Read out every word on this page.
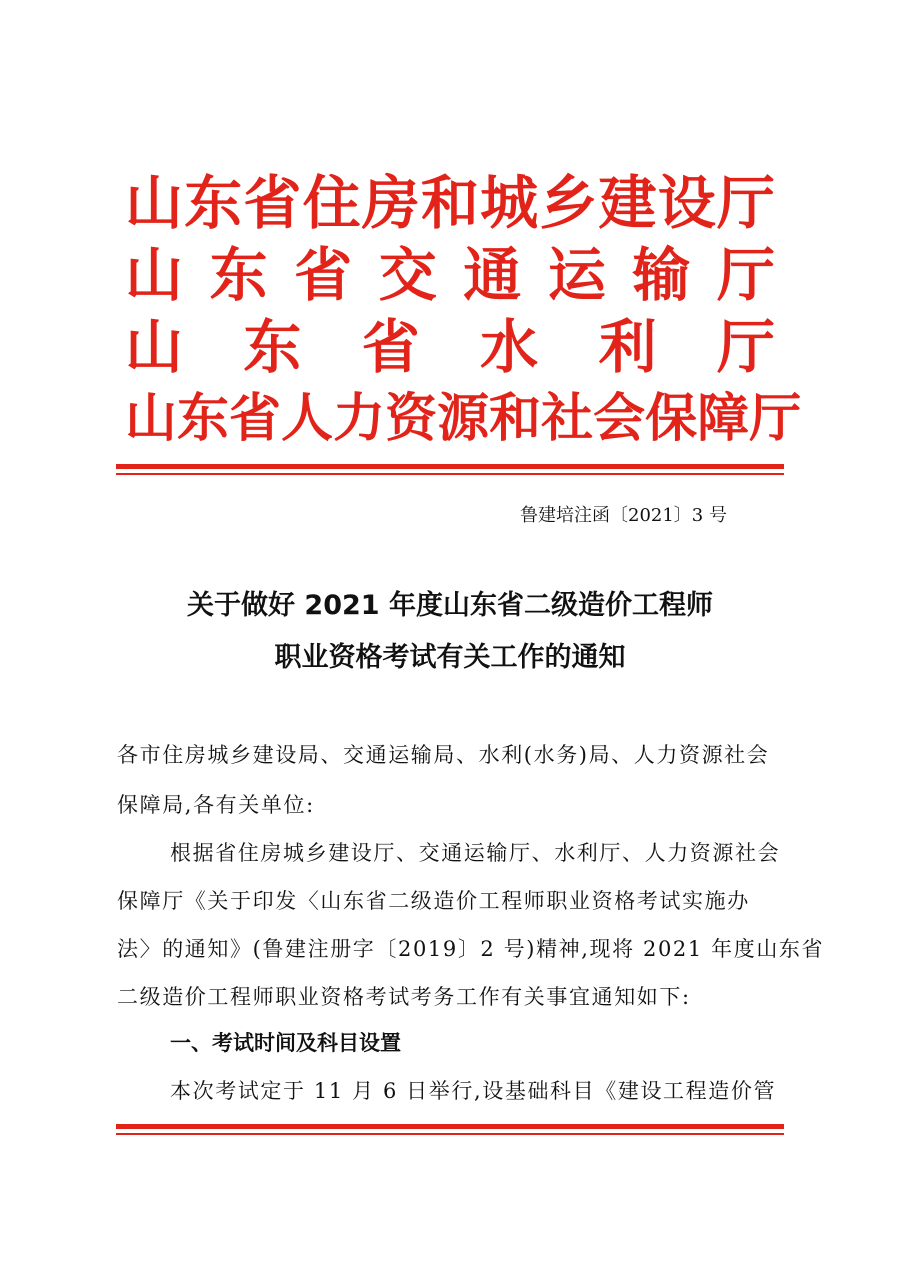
山 东 省 住 房 和 城 乡 建 设 厅
山 东 省 交 通 运 输 厅
山 东 省 水 利 厅
山 东 省 人 力 资 源 和 社 会 保 障 厅
鲁建培注函〔2021〕3 号
关于做好 2021 年度山东省二级造价工程师
职业资格考试有关工作的通知
各市住房城乡建设局、交通运输局、水利(水务)局、人力资源社会
保障局,各有关单位:
根据省住房城乡建设厅、交通运输厅、水利厅、人力资源社会
保障厅《关于印发〈山东省二级造价工程师职业资格考试实施办
法〉的通知》(鲁建注册字〔2019〕2 号)精神,现将 2021 年度山东省
二级造价工程师职业资格考试考务工作有关事宜通知如下:
一、考试时间及科目设置
本次考试定于 11 月 6 日举行,设基础科目《建设工程造价管
